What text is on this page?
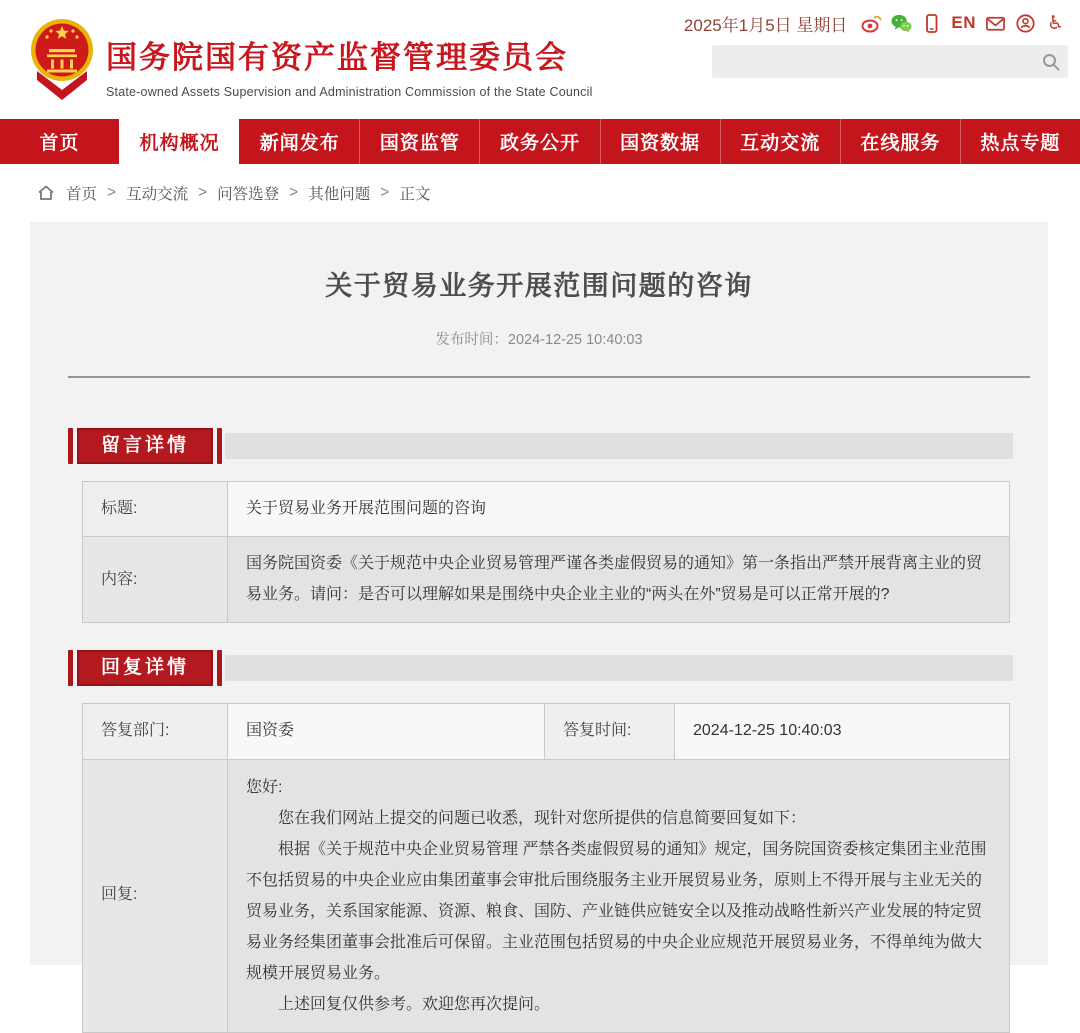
国务院国有资产监督管理委员会
State-owned Assets Supervision and Administration Commission of the State Council
2025年1月5日 星期日	EN	♿
首页	机构概况 新闻发布 国资监管 政务公开 国资数据 互动交流 在线服务 热点专题
首页 > 互动交流 > 问答选登 > 其他问题 > 正文
关于贸易业务开展范围问题的咨询
发布时间：2024-12-25 10:40:03
留言详情
标题:	关于贸易业务开展范围问题的咨询
内容:	国务院国资委《关于规范中央企业贸易管理严谨各类虚假贸易的通知》第一条指出严禁开展背离主业的贸易业务。请问：是否可以理解如果是围绕中央企业主业的“两头在外”贸易是可以正常开展的?
回复详情
答复部门:	国资委	答复时间:	2024-12-25 10:40:03
回复:	您好:

您在我们网站上提交的问题已收悉，现针对您所提供的信息简要回复如下：

根据《关于规范中央企业贸易管理 严禁各类虚假贸易的通知》规定，国务院国资委核定集团主业范围不包括贸易的中央企业应由集团董事会审批后围绕服务主业开展贸易业务，原则上不得开展与主业无关的贸易业务，关系国家能源、资源、粮食、国防、产业链供应链安全以及推动战略性新兴产业发展的特定贸易业务经集团董事会批准后可保留。主业范围包括贸易的中央企业应规范开展贸易业务，不得单纯为做大规模开展贸易业务。

上述回复仅供参考。欢迎您再次提问。		
